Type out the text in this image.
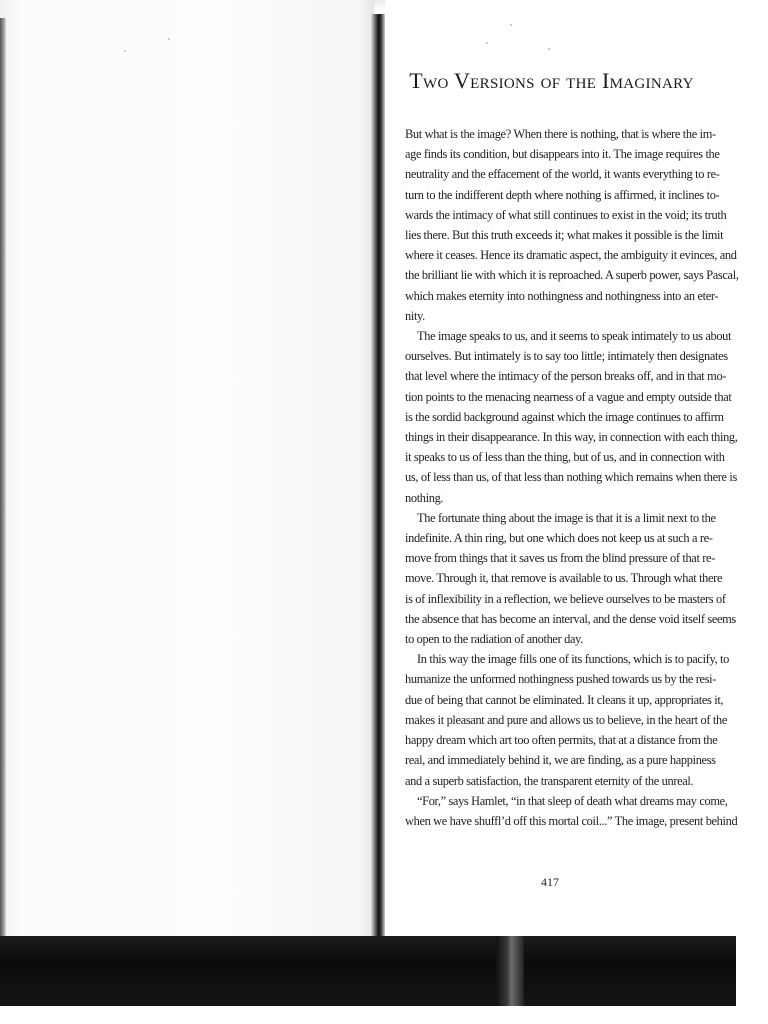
Two Versions of the Imaginary
But what is the image? When there is nothing, that is where the im-
age finds its condition, but disappears into it. The image requires the
neutrality and the effacement of the world, it wants everything to re-
turn to the indifferent depth where nothing is affirmed, it inclines to-
wards the intimacy of what still continues to exist in the void; its truth
lies there. But this truth exceeds it; what makes it possible is the limit
where it ceases. Hence its dramatic aspect, the ambiguity it evinces, and
the brilliant lie with which it is reproached. A superb power, says Pascal,
which makes eternity into nothingness and nothingness into an eter-
nity.
The image speaks to us, and it seems to speak intimately to us about
ourselves. But intimately is to say too little; intimately then designates
that level where the intimacy of the person breaks off, and in that mo-
tion points to the menacing nearness of a vague and empty outside that
is the sordid background against which the image continues to affirm
things in their disappearance. In this way, in connection with each thing,
it speaks to us of less than the thing, but of us, and in connection with
us, of less than us, of that less than nothing which remains when there is
nothing.
The fortunate thing about the image is that it is a limit next to the
indefinite. A thin ring, but one which does not keep us at such a re-
move from things that it saves us from the blind pressure of that re-
move. Through it, that remove is available to us. Through what there
is of inflexibility in a reflection, we believe ourselves to be masters of
the absence that has become an interval, and the dense void itself seems
to open to the radiation of another day.
In this way the image fills one of its functions, which is to pacify, to
humanize the unformed nothingness pushed towards us by the resi-
due of being that cannot be eliminated. It cleans it up, appropriates it,
makes it pleasant and pure and allows us to believe, in the heart of the
happy dream which art too often permits, that at a distance from the
real, and immediately behind it, we are finding, as a pure happiness
and a superb satisfaction, the transparent eternity of the unreal.
“For,” says Hamlet, “in that sleep of death what dreams may come,
when we have shuffl’d off this mortal coil...” The image, present behind
417
